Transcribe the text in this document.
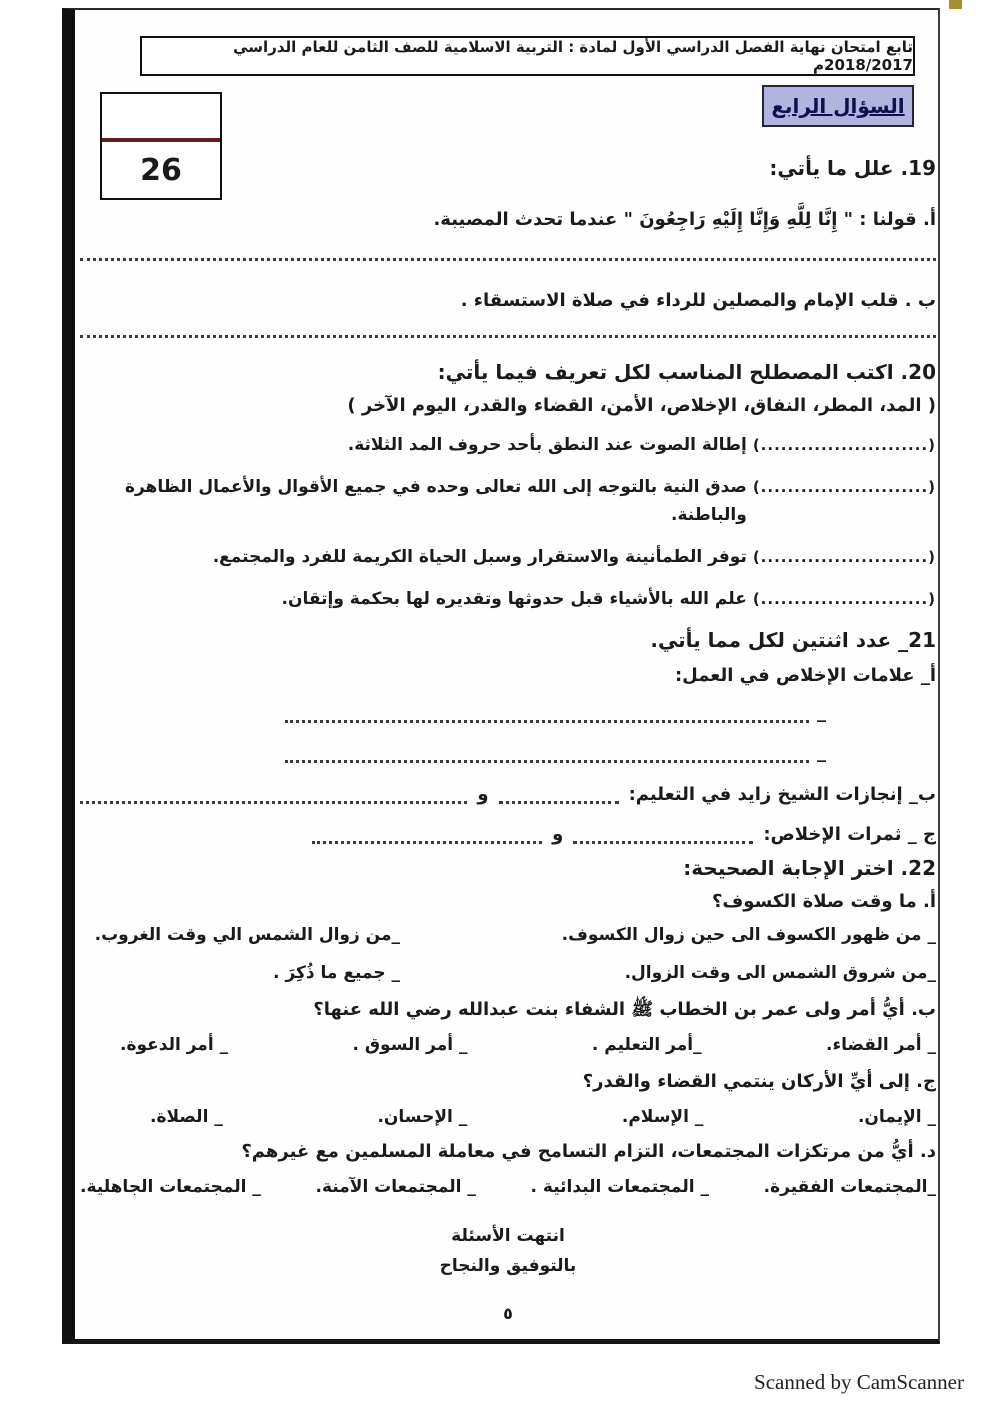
تابع امتحان نهاية الفصل الدراسي الأول لمادة : التربية الاسلامية للصف الثامن للعام الدراسي 2018/2017م
السؤال الرابع
26	19. علل ما يأتي:
أ. قولنا : " إِنَّا لِلَّهِ وَإِنَّا إِلَيْهِ رَاجِعُونَ " عندما تحدث المصيبة.
ب . قلب الإمام والمصلين للرداء في صلاة الاستسقاء .
20. اكتب المصطلح المناسب لكل تعريف فيما يأتي:
( المد، المطر، النفاق، الإخلاص، الأمن، القضاء والقدر، اليوم الآخر )
(.........................)
إطالة الصوت عند النطق بأحد حروف المد الثلاثة.
(.........................)
صدق النية بالتوجه إلى الله تعالى وحده في جميع الأقوال والأعمال الظاهرة والباطنة.
(.........................)
توفر الطمأنينة والاستقرار وسبل الحياة الكريمة للفرد والمجتمع.
(.........................)
علم الله بالأشياء قبل حدوثها وتقديره لها بحكمة وإتقان.
21_ عدد اثنتين لكل مما يأتي.
أ_ علامات الإخلاص في العمل:
_
_
ب_ إنجازات الشيخ زايد في التعليم:
و
ج _ ثمرات الإخلاص:
و
22. اختر الإجابة الصحيحة:
أ. ما وقت صلاة الكسوف؟
_ من ظهور الكسوف الى حين زوال الكسوف.
_من زوال الشمس الي وقت الغروب.
_من شروق الشمس الى وقت الزوال.
_ جميع ما ذُكِرَ .
ب. أيُّ أمر ولى عمر بن الخطاب ﷺ الشفاء بنت عبدالله رضي الله عنها؟
_ أمر القضاء.
_أمر التعليم .
_ أمر السوق .
_ أمر الدعوة.
ج. إلى أيِّ الأركان ينتمي القضاء والقدر؟
_ الإيمان.
_ الإسلام.
_ الإحسان.
_ الصلاة.
د. أيُّ من مرتكزات المجتمعات، التزام التسامح في معاملة المسلمين مع غيرهم؟
_المجتمعات الفقيرة.
_ المجتمعات البدائية .
_ المجتمعات الآمنة.
_ المجتمعات الجاهلية.
انتهت الأسئلة
بالتوفيق والنجاح
٥
Scanned by CamScanner
